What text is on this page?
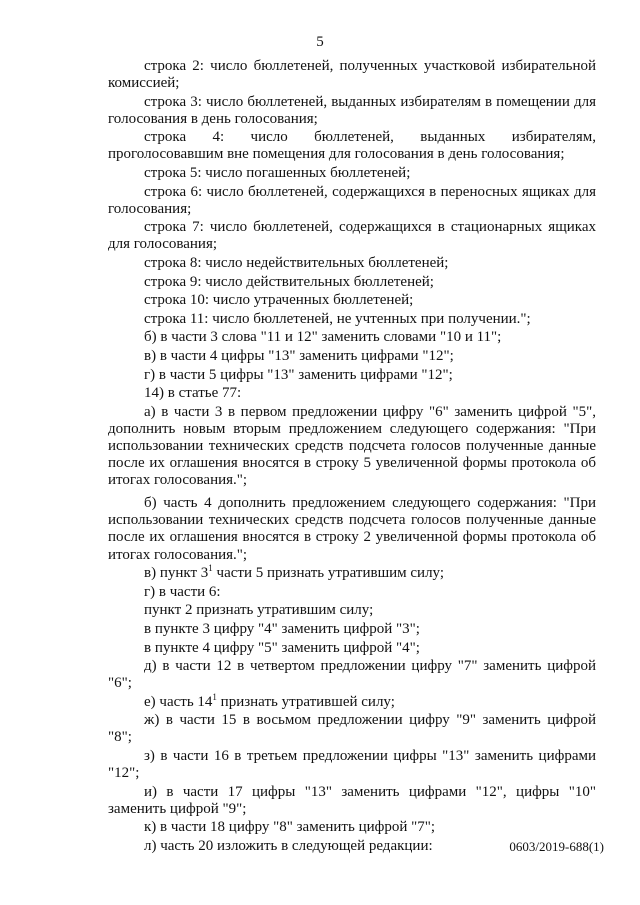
5

строка 2: число бюллетеней, полученных участковой избирательной комиссией;

строка 3: число бюллетеней, выданных избирателям в помещении для голосования в день голосования;

строка 4: число бюллетеней, выданных избирателям, проголосовавшим вне помещения для голосования в день голосования;

строка 5: число погашенных бюллетеней;

строка 6: число бюллетеней, содержащихся в переносных ящиках для голосования;

строка 7: число бюллетеней, содержащихся в стационарных ящиках для голосования;

строка 8: число недействительных бюллетеней;

строка 9: число действительных бюллетеней;

строка 10: число утраченных бюллетеней;

строка 11: число бюллетеней, не учтенных при получении.";

б) в части 3 слова "11 и 12" заменить словами "10 и 11";

в) в части 4 цифры "13" заменить цифрами "12";

г) в части 5 цифры "13" заменить цифрами "12";

14) в статье 77:

а) в части 3 в первом предложении цифру "6" заменить цифрой "5", дополнить новым вторым предложением следующего содержания: "При использовании технических средств подсчета голосов полученные данные после их оглашения вносятся в строку 5 увеличенной формы протокола об итогах голосования.";

б) часть 4 дополнить предложением следующего содержания: "При использовании технических средств подсчета голосов полученные данные после их оглашения вносятся в строку 2 увеличенной формы протокола об итогах голосования.";

в) пункт $3^1$ части 5 признать утратившим силу;

г) в части 6:

пункт 2 признать утратившим силу;

в пункте 3 цифру "4" заменить цифрой "3";

в пункте 4 цифру "5" заменить цифрой "4";

д) в части 12 в четвертом предложении цифру "7" заменить цифрой "6";

е) часть $14^1$ признать утратившей силу;

ж) в части 15 в восьмом предложении цифру "9" заменить цифрой "8";

з) в части 16 в третьем предложении цифры "13" заменить цифрами "12";

и) в части 17 цифры "13" заменить цифрами "12", цифры "10" заменить цифрой "9";

к) в части 18 цифру "8" заменить цифрой "7";

л) часть 20 изложить в следующей редакции:	0603/2019-688(1)
